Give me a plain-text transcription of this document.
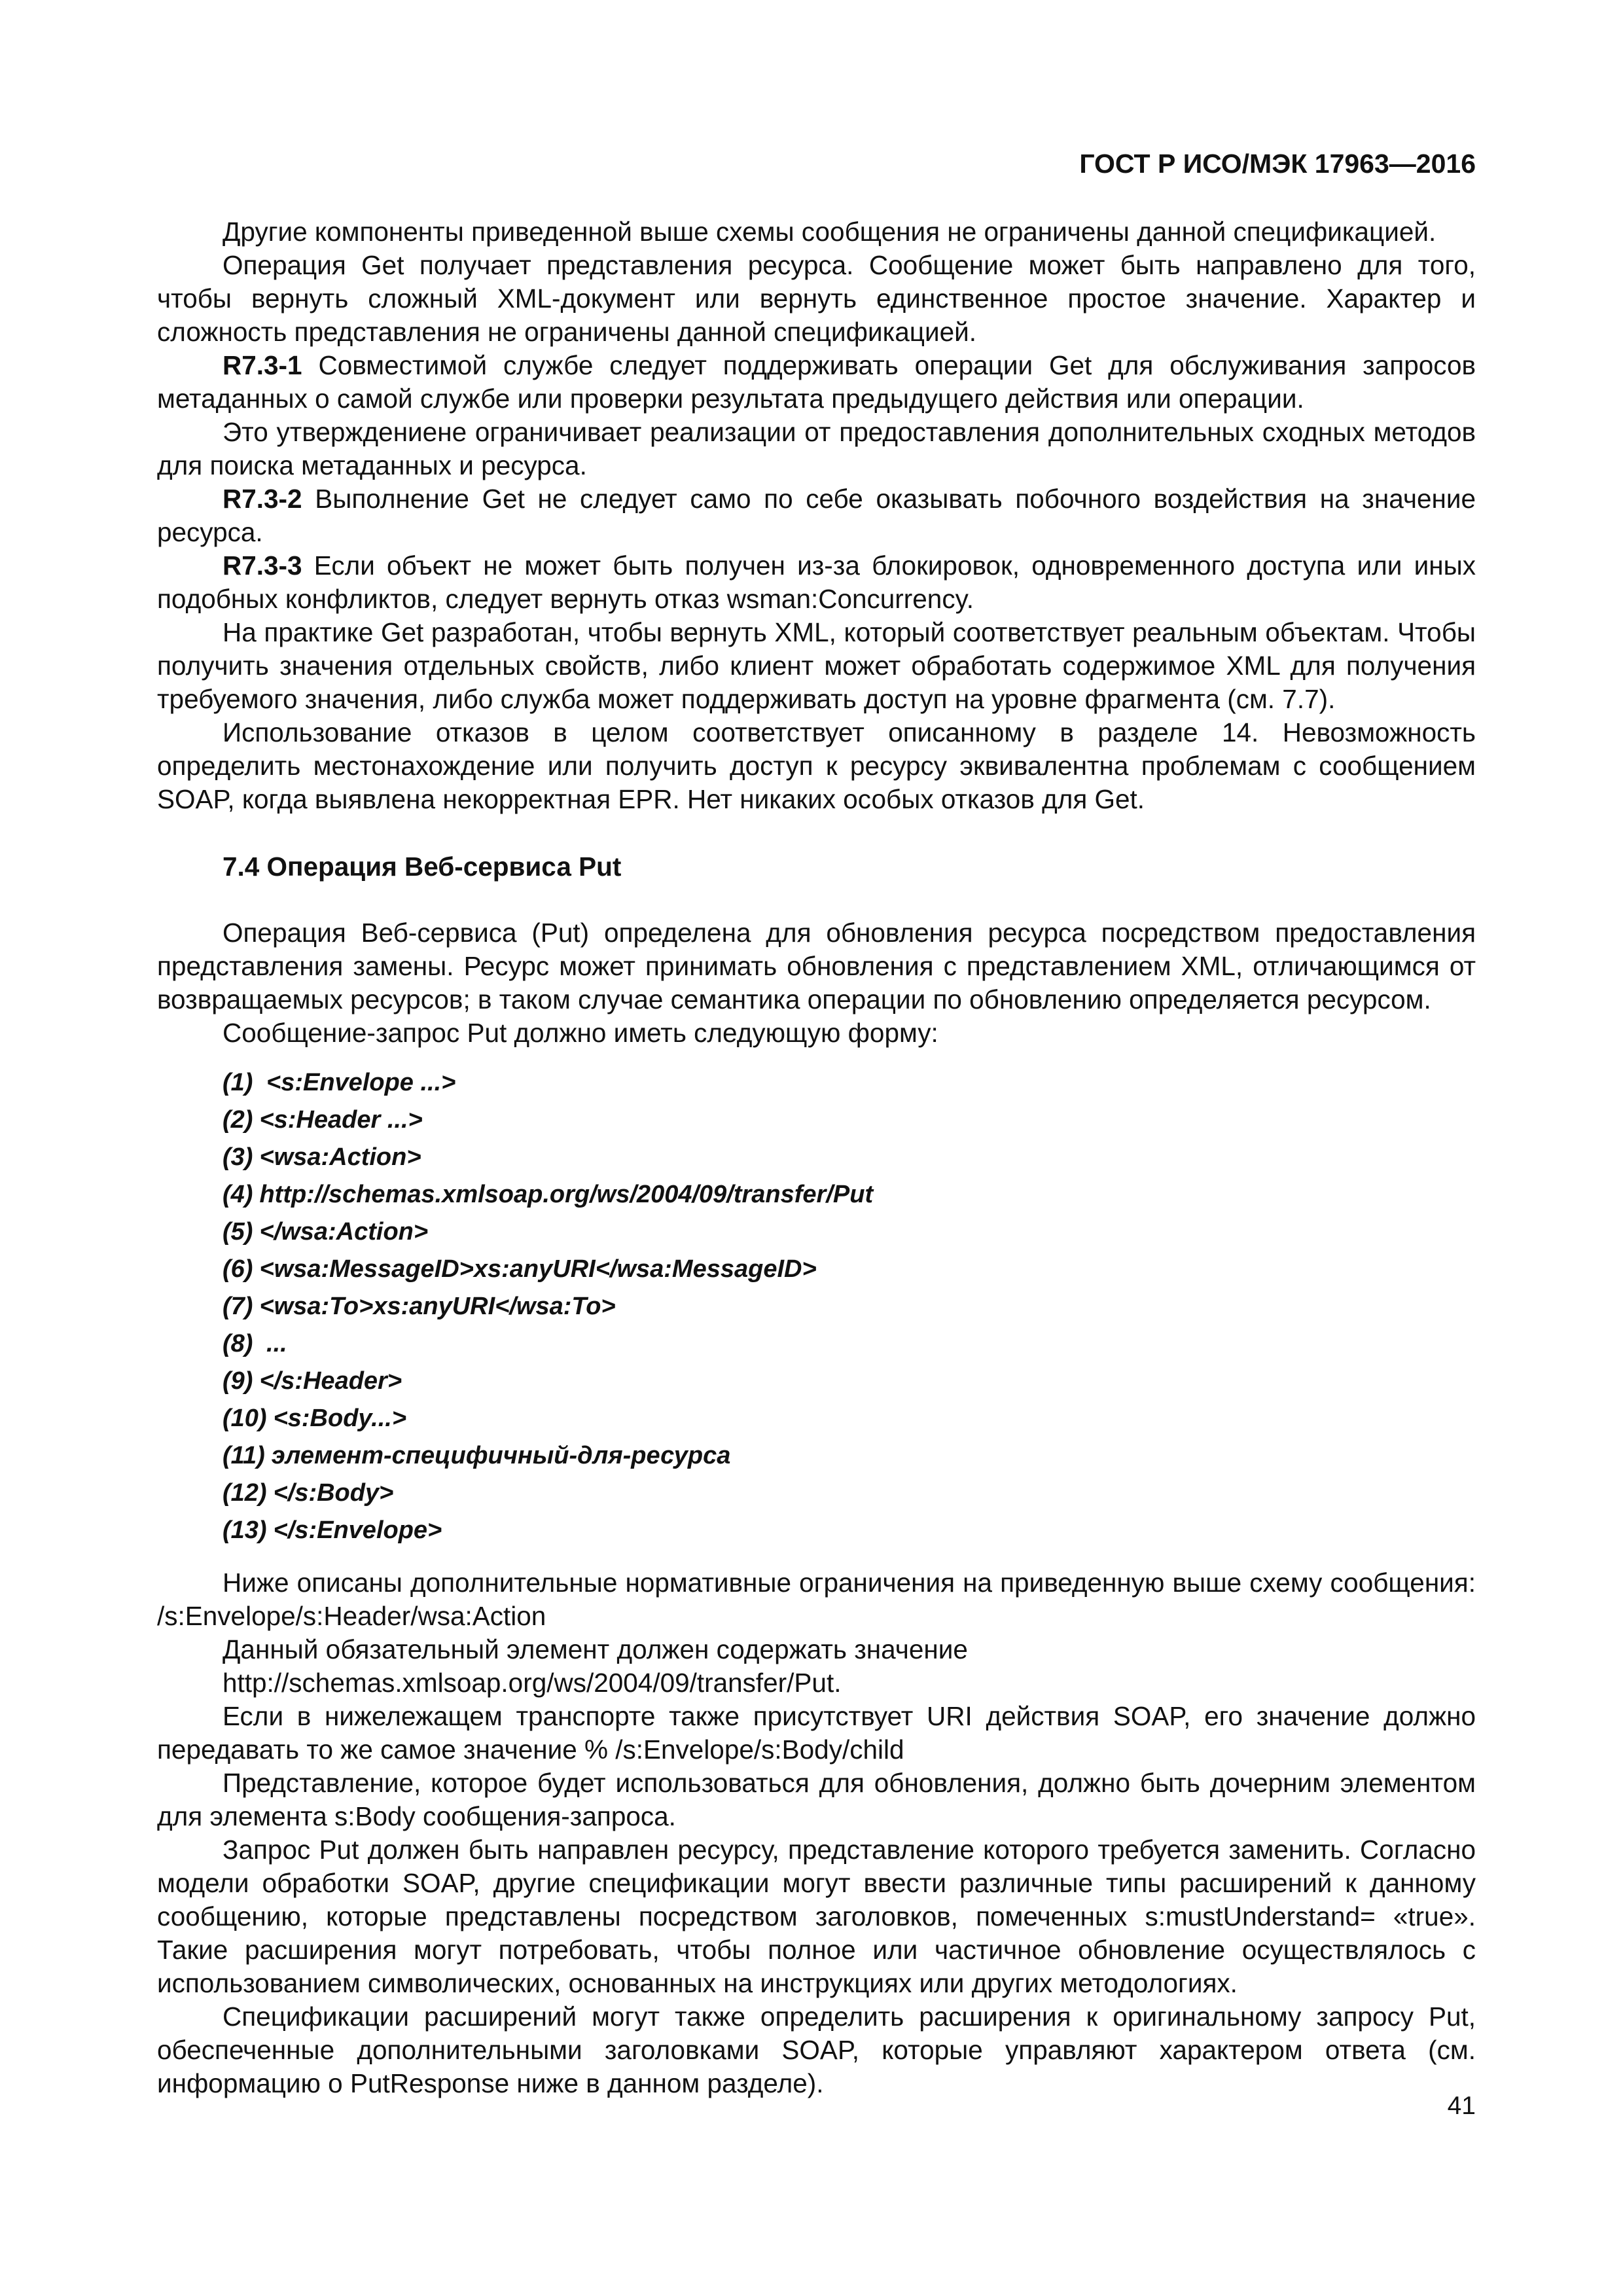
ГОСТ Р ИСО/МЭК 17963—2016

Другие компоненты приведенной выше схемы сообщения не ограничены данной спецификацией.

Операция Get получает представления ресурса. Сообщение может быть направлено для того, чтобы вернуть сложный XML-документ или вернуть единственное простое значение. Характер и сложность представления не ограничены данной спецификацией.

R7.3-1 Совместимой службе следует поддерживать операции Get для обслуживания запросов метаданных о самой службе или проверки результата предыдущего действия или операции.

Это утверждениене ограничивает реализации от предоставления дополнительных сходных методов для поиска метаданных и ресурса.

R7.3-2 Выполнение Get не следует само по себе оказывать побочного воздействия на значение ресурса.

R7.3-3 Если объект не может быть получен из-за блокировок, одновременного доступа или иных подобных конфликтов, следует вернуть отказ wsman:Concurrency.

На практике Get разработан, чтобы вернуть XML, который соответствует реальным объектам. Чтобы получить значения отдельных свойств, либо клиент может обработать содержимое XML для получения требуемого значения, либо служба может поддерживать доступ на уровне фрагмента (см. 7.7).

Использование отказов в целом соответствует описанному в разделе 14. Невозможность определить местонахождение или получить доступ к ресурсу эквивалентна проблемам с сообщением SOAP, когда выявлена некорректная EPR. Нет никаких особых отказов для Get.

7.4 Операция Веб-сервиса Put

Операция Веб-сервиса (Put) определена для обновления ресурса посредством предоставления представления замены. Ресурс может принимать обновления с представлением XML, отличающимся от возвращаемых ресурсов; в таком случае семантика операции по обновлению определяется ресурсом.

Сообщение-запрос Put должно иметь следующую форму:

(1) <s:Envelope ...>
(2) <s:Header ...>
(3) <wsa:Action>
(4) http://schemas.xmlsoap.org/ws/2004/09/transfer/Put
(5) </wsa:Action>
(6) <wsa:MessageID>xs:anyURI</wsa:MessageID>
(7) <wsa:To>xs:anyURI</wsa:To>
(8) ...
(9) </s:Header>
(10) <s:Body...>
(11) элемент-специфичный-для-ресурса
(12) </s:Body>
(13) </s:Envelope>

Ниже описаны дополнительные нормативные ограничения на приведенную выше схему сообщения: /s:Envelope/s:Header/wsa:Action

Данный обязательный элемент должен содержать значение

http://schemas.xmlsoap.org/ws/2004/09/transfer/Put.

Если в нижележащем транспорте также присутствует URI действия SOAP, его значение должно передавать то же самое значение % /s:Envelope/s:Body/child

Представление, которое будет использоваться для обновления, должно быть дочерним элементом для элемента s:Body сообщения-запроса.

Запрос Put должен быть направлен ресурсу, представление которого требуется заменить. Согласно модели обработки SOAP, другие спецификации могут ввести различные типы расширений к данному сообщению, которые представлены посредством заголовков, помеченных s:mustUnderstand= «true». Такие расширения могут потребовать, чтобы полное или частичное обновление осуществлялось с использованием символических, основанных на инструкциях или других методологиях.

Спецификации расширений могут также определить расширения к оригинальному запросу Put, обеспеченные дополнительными заголовками SOAP, которые управляют характером ответа (см. информацию о PutResponse ниже в данном разделе).

41
